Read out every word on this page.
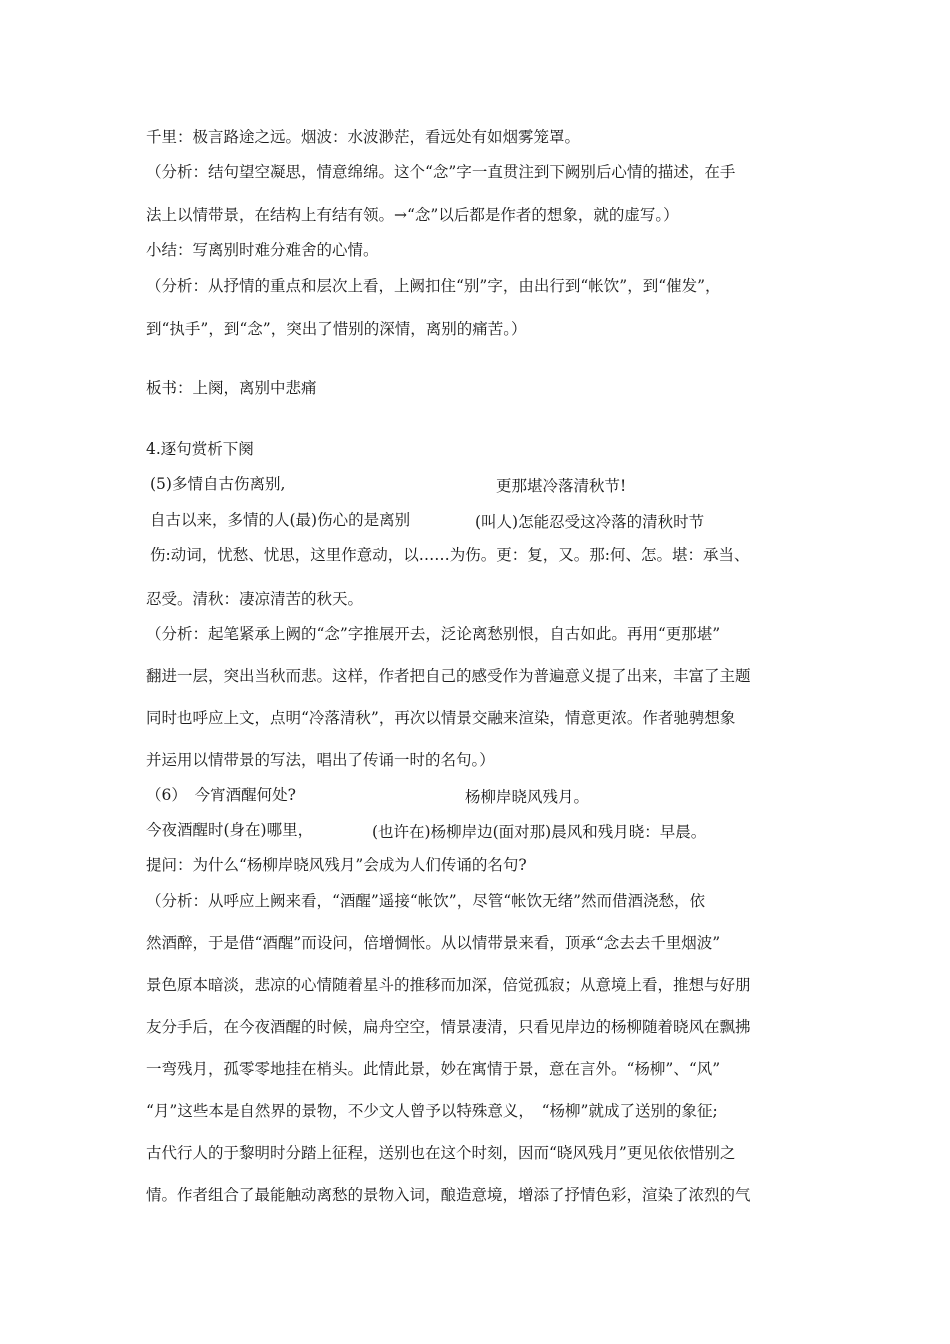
千里：极言路途之远。烟波：水波渺茫，看远处有如烟雾笼罩。
（分析：结句望空凝思，情意绵绵。这个“念”字一直贯注到下阙别后心情的描述，在手
法上以情带景，在结构上有结有领。→“念”以后都是作者的想象，就的虚写。）
小结：写离别时难分难舍的心情。
（分析：从抒情的重点和层次上看，上阙扣住“别”字，由出行到“帐饮”，到“催发”，
到“执手”，到“念”，突出了惜别的深情，离别的痛苦。）
板书：上阕，离别中悲痛
4.逐句赏析下阕
(5)多情自古伤离别,	更那堪冷落清秋节!
自古以来，多情的人(最)伤心的是离别	(叫人)怎能忍受这冷落的清秋时节
伤:动词，忧愁、忧思，这里作意动，以……为伤。更：复，又。那:何、怎。堪：承当、
忍受。清秋：凄凉清苦的秋天。
（分析：起笔紧承上阙的“念”字推展开去，泛论离愁别恨，自古如此。再用“更那堪”
翻进一层，突出当秋而悲。这样，作者把自己的感受作为普遍意义提了出来，丰富了主题
同时也呼应上文，点明“冷落清秋”，再次以情景交融来渲染，情意更浓。作者驰骋想象
并运用以情带景的写法，唱出了传诵一时的名句。）
（6）　今宵酒醒何处?	杨柳岸晓风残月。
今夜酒醒时(身在)哪里，	(也许在)杨柳岸边(面对那)晨风和残月晓：早晨。
提问：为什么“杨柳岸晓风残月”会成为人们传诵的名句?
（分析：从呼应上阙来看，“酒醒”遥接“帐饮”，尽管“帐饮无绪”然而借酒浇愁，依
然酒醉，于是借“酒醒”而设问，倍增惆怅。从以情带景来看，顶承“念去去千里烟波”
景色原本暗淡，悲凉的心情随着星斗的推移而加深，倍觉孤寂；从意境上看，推想与好朋
友分手后，在今夜酒醒的时候，扁舟空空，情景凄清，只看见岸边的杨柳随着晓风在飘拂
一弯残月，孤零零地挂在梢头。此情此景，妙在寓情于景，意在言外。“杨柳”、“风”
“月”这些本是自然界的景物，不少文人曾予以特殊意义，　“杨柳”就成了送别的象征;
古代行人的于黎明时分踏上征程，送别也在这个时刻，因而“晓风残月”更见依依惜别之
情。作者组合了最能触动离愁的景物入词，酿造意境，增添了抒情色彩，渲染了浓烈的气
